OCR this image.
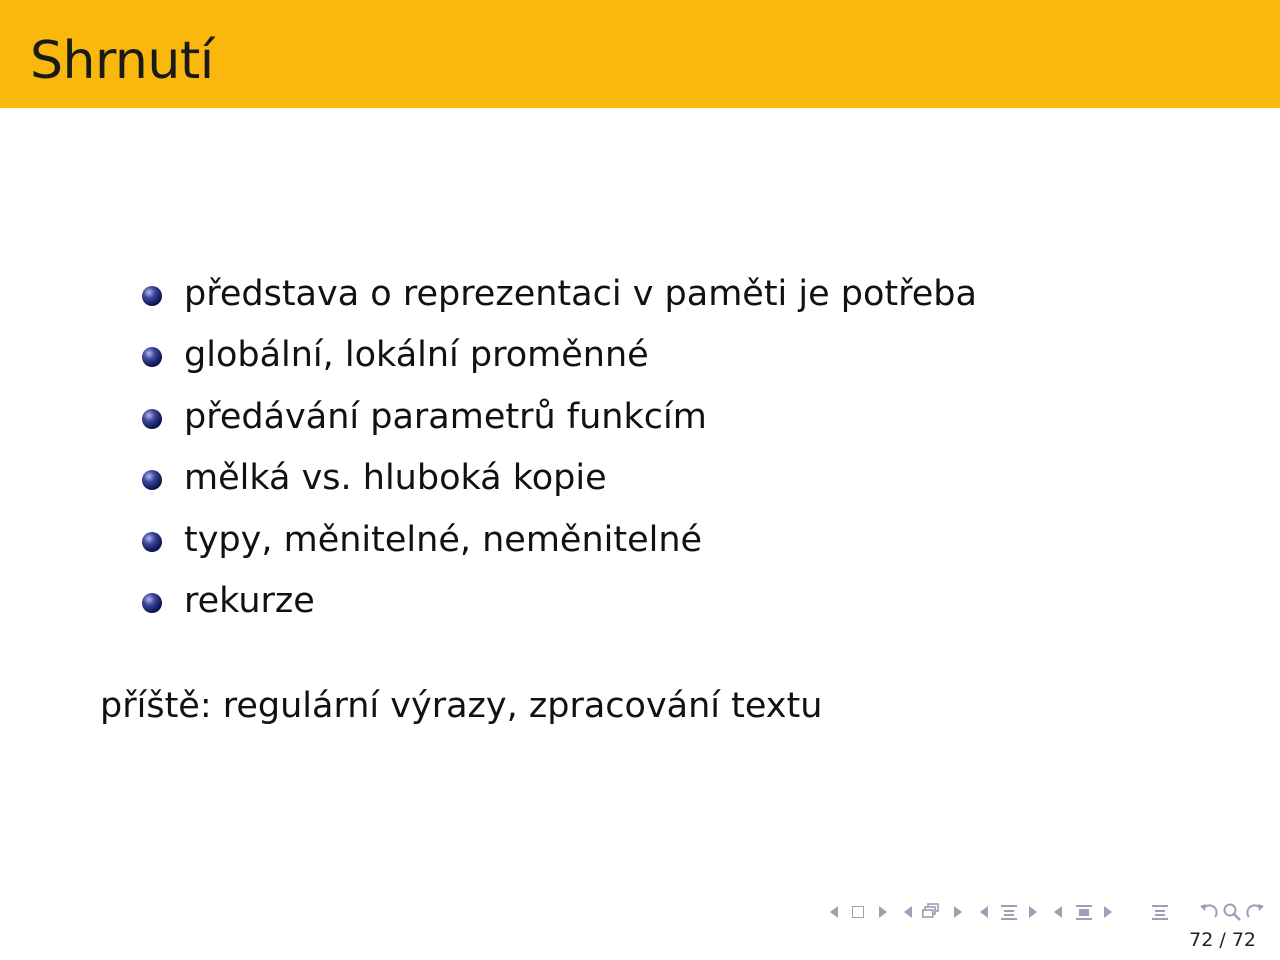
Shrnutí
představa o reprezentaci v paměti je potřeba
globální, lokální proměnné
předávání parametrů funkcím
mělká vs. hluboká kopie
typy, měnitelné, neměnitelné
rekurze
příště: regulární výrazy, zpracování textu
72 / 72
